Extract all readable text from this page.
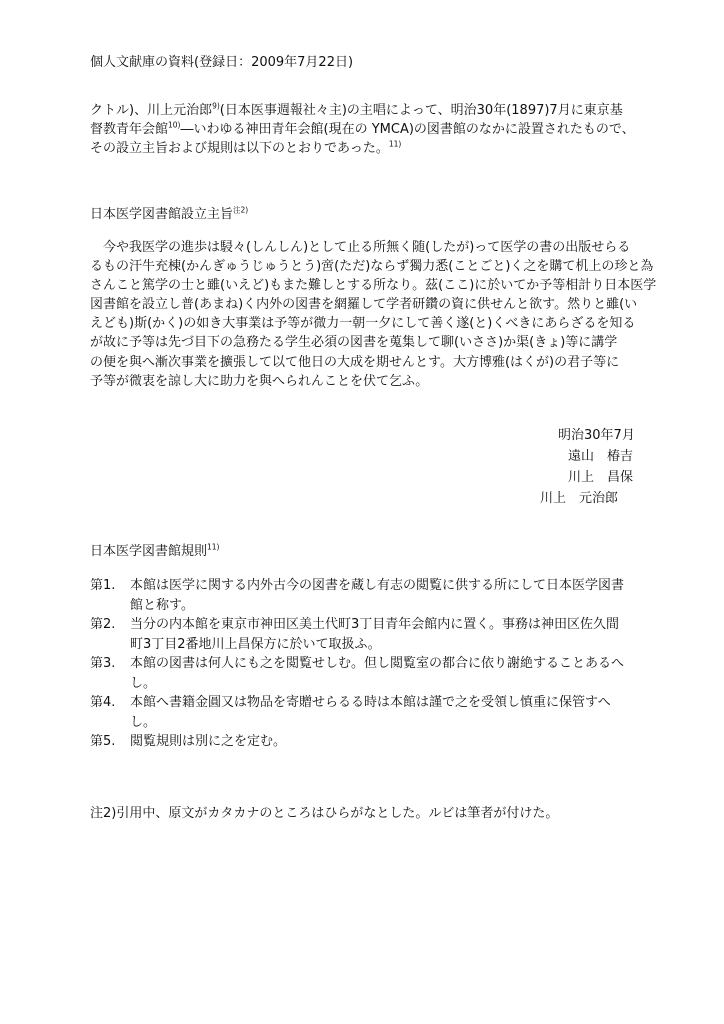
個人文献庫の資料(登録日：2009年7月22日)
クトル)、川上元治郎$^{9)}$(日本医事週報社々主)の主唱によって、明治30年(1897)7月に東京基
督教青年会館$^{10)}$―いわゆる神田青年会館(現在の YMCA)の図書館のなかに設置されたもので、
その設立主旨および規則は以下のとおりであった。$^{11)}$
日本医学図書館設立主旨$^{注2)}$
今や我医学の進歩は駸々(しんしん)として止る所無く随(したが)って医学の書の出版せらる
るもの汗牛充棟(かんぎゅうじゅうとう)啻(ただ)ならず獨力悉(ことごと)く之を購て机上の珍と為
さんこと篤学の士と雖(いえど)もまた難しとする所なり。茲(ここ)に於いてか予等相計り日本医学
図書館を設立し普(あまね)く内外の図書を網羅して学者研鑽の資に供せんと欲す。然りと雖(い
えども)斯(かく)の如き大事業は予等が微力一朝一夕にして善く遂(と)くべきにあらざるを知る
が故に予等は先づ目下の急務たる学生必須の図書を蒐集して聊(いささ)か渠(きょ)等に講学
の便を與へ漸次事業を擴張して以て他日の大成を期せんとす。大方博雅(はくが)の君子等に
予等が微衷を諒し大に助力を與へられんことを伏て乞ふ。
明治30年7月
遠山　椿吉
川上　昌保
川上　元治郎
日本医学図書館規則$^{11)}$
第1.	本館は医学に関する内外古今の図書を蔵し有志の閲覧に供する所にして日本医学図書
館と称す。
第2.	当分の内本館を東京市神田区美土代町3丁目青年会館内に置く。事務は神田区佐久間
町3丁目2番地川上昌保方に於いて取扱ふ。
第3.	本館の図書は何人にも之を閲覧せしむ。但し閲覧室の都合に依り謝絶することあるへ
し。
第4.	本館へ書籍金圓又は物品を寄贈せらるる時は本館は謹で之を受領し慎重に保管すへ
し。
第5.	閲覧規則は別に之を定む。
注2)引用中、原文がカタカナのところはひらがなとした。ルビは筆者が付けた。
